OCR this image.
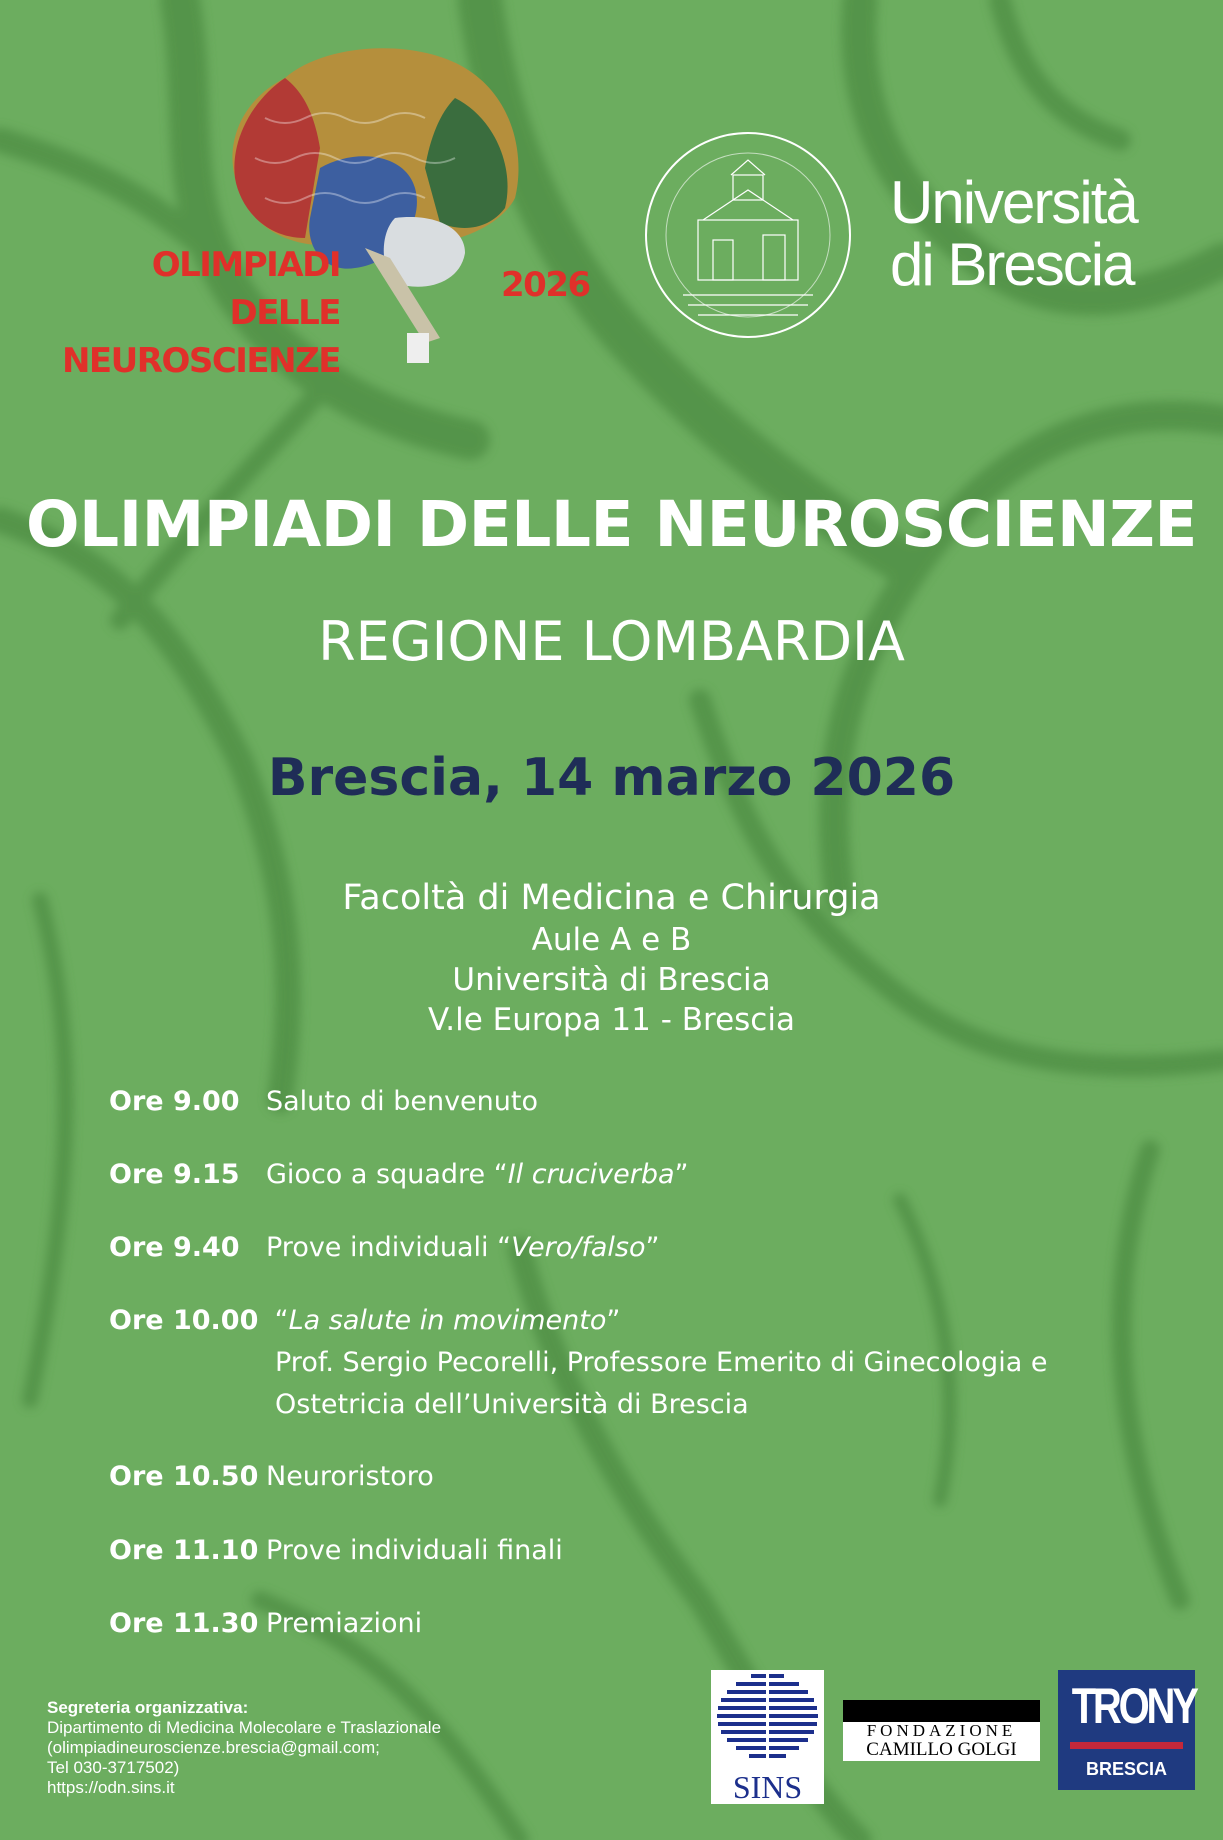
OLIMPIADI
DELLE
NEUROSCIENZE
2026
Università
di Brescia
OLIMPIADI DELLE NEUROSCIENZE
REGIONE LOMBARDIA
Brescia, 14 marzo 2026
Facoltà di Medicina e Chirurgia
Aule A e B
Università di Brescia
V.le Europa 11 - Brescia
Ore 9.00 Saluto di benvenuto
Ore 9.15 Gioco a squadre “Il cruciverba”
Ore 9.40 Prove individuali “Vero/falso”
Ore 10.00 “La salute in movimento”
Prof. Sergio Pecorelli, Professore Emerito di Ginecologia e
Ostetricia dell’Università di Brescia
Ore 10.50 Neuroristoro
Ore 11.10 Prove individuali finali
Ore 11.30 Premiazioni
Segreteria organizzativa:
Dipartimento di Medicina Molecolare e Traslazionale
(olimpiadineuroscienze.brescia@gmail.com;
Tel 030-3717502)
https://odn.sins.it	SINS
FONDAZIONE
CAMILLO GOLGI
TRONY
BRESCIA
